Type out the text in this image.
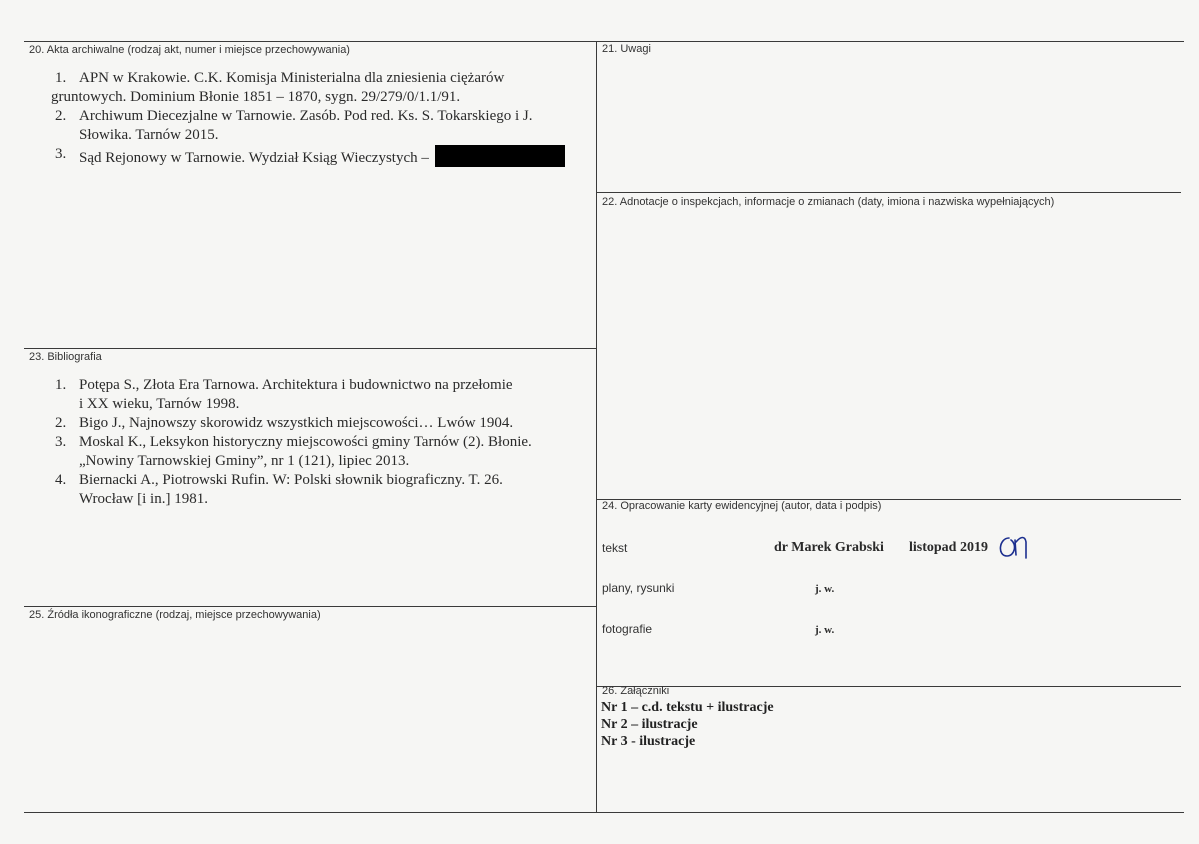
20. Akta archiwalne (rodzaj akt, numer i miejsce przechowywania)
1. APN w Krakowie. C.K. Komisja Ministerialna dla zniesienia ciężarów
gruntowych. Dominium Błonie 1851 – 1870, sygn. 29/279/0/1.1/91.
2. Archiwum Diecezjalne w Tarnowie. Zasób. Pod red. Ks. S. Tokarskiego i J.
Słowika. Tarnów 2015.
3. Sąd Rejonowy w Tarnowie. Wydział Ksiąg Wieczystych –
21. Uwagi
22. Adnotacje o inspekcjach, informacje o zmianach (daty, imiona i nazwiska wypełniających)
23. Bibliografia
1. Potępa S., Złota Era Tarnowa. Architektura i budownictwo na przełomie
i XX wieku, Tarnów 1998.
2. Bigo J., Najnowszy skorowidz wszystkich miejscowości… Lwów 1904.
3. Moskal K., Leksykon historyczny miejscowości gminy Tarnów (2). Błonie.
„Nowiny Tarnowskiej Gminy”, nr 1 (121), lipiec 2013.
4. Biernacki A., Piotrowski Rufin. W: Polski słownik biograficzny. T. 26.
Wrocław [i in.] 1981.
25. Źródła ikonograficzne (rodzaj, miejsce przechowywania)
24. Opracowanie karty ewidencyjnej (autor, data i podpis)
tekst	dr Marek Grabski listopad 2019
plany, rysunki	j. w.
fotografie	j. w.
26. Załączniki
Nr 1 – c.d. tekstu + ilustracje
Nr 2 – ilustracje
Nr 3 - ilustracje
